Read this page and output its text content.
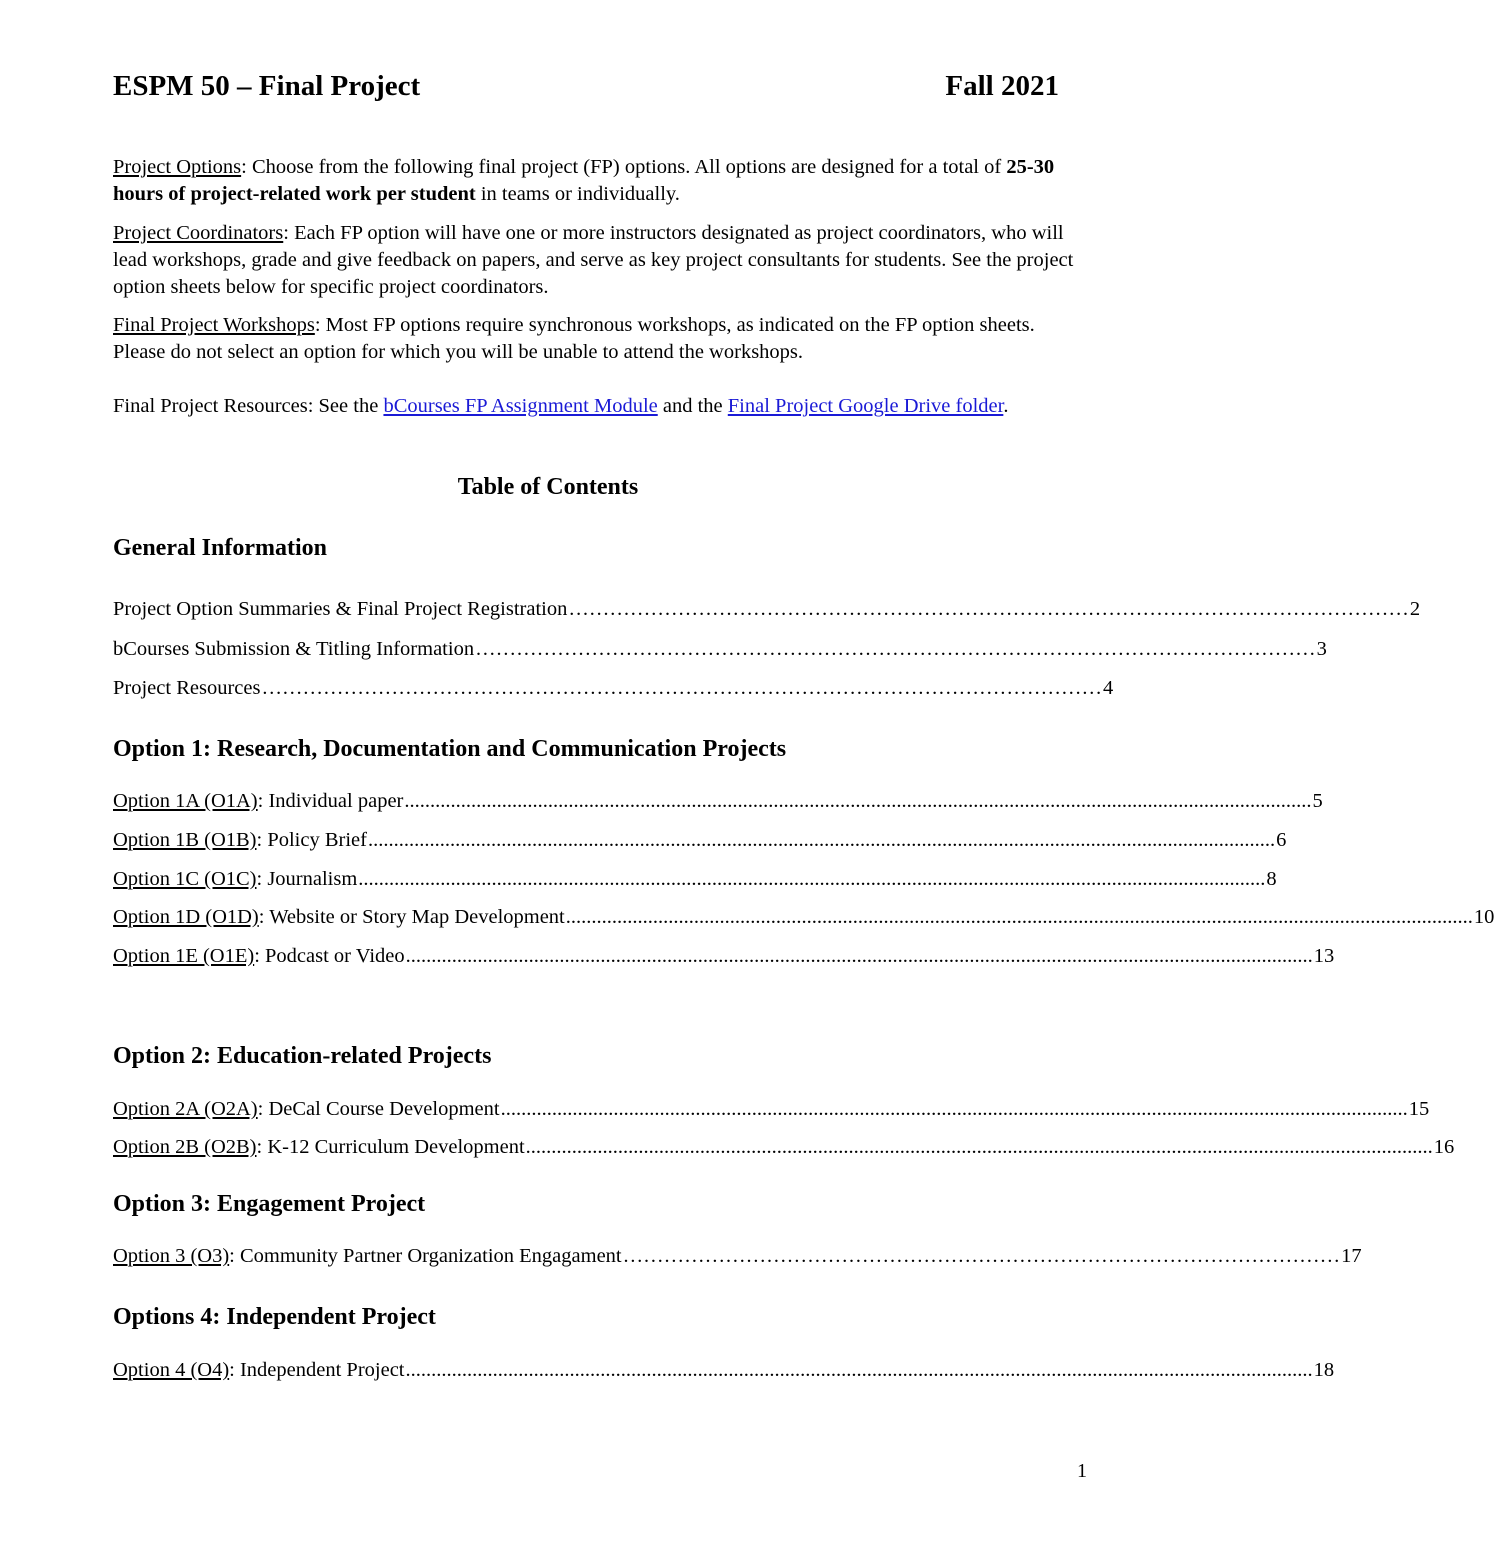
ESPM 50 – Final Project	Fall 2021
Project Options: Choose from the following final project (FP) options. All options are designed for a total of 25-30 hours of project-related work per student in teams or individually.
Project Coordinators: Each FP option will have one or more instructors designated as project coordinators, who will lead workshops, grade and give feedback on papers, and serve as key project consultants for students. See the project option sheets below for specific project coordinators.
Final Project Workshops: Most FP options require synchronous workshops, as indicated on the FP option sheets. Please do not select an option for which you will be unable to attend the workshops.
Final Project Resources: See the bCourses FP Assignment Module and the Final Project Google Drive folder.
Table of Contents
General Information
Project Option Summaries & Final Project Registration …………………………………………………………………………………………………………… 2
bCourses Submission & Titling Information …………………………………………………………………………………………………………… 3
Project Resources …………………………………………………………………………………………………………… 4
Option 1: Research, Documentation and Communication Projects
Option 1A (O1A): Individual paper ................................................................................................................................................................................. 5
Option 1B (O1B): Policy Brief ................................................................................................................................................................................. 6
Option 1C (O1C): Journalism ................................................................................................................................................................................. 8
Option 1D (O1D): Website or Story Map Development ................................................................................................................................................................................. 10
Option 1E (O1E): Podcast or Video ................................................................................................................................................................................. 13
Option 2: Education-related Projects
Option 2A (O2A): DeCal Course Development ................................................................................................................................................................................. 15
Option 2B (O2B): K-12 Curriculum Development ................................................................................................................................................................................. 16
Option 3: Engagement Project
Option 3 (O3): Community Partner Organization Engagament …………………………………………………………………………………………… 17
Options 4: Independent Project
Option 4 (O4): Independent Project ................................................................................................................................................................................. 18
1
